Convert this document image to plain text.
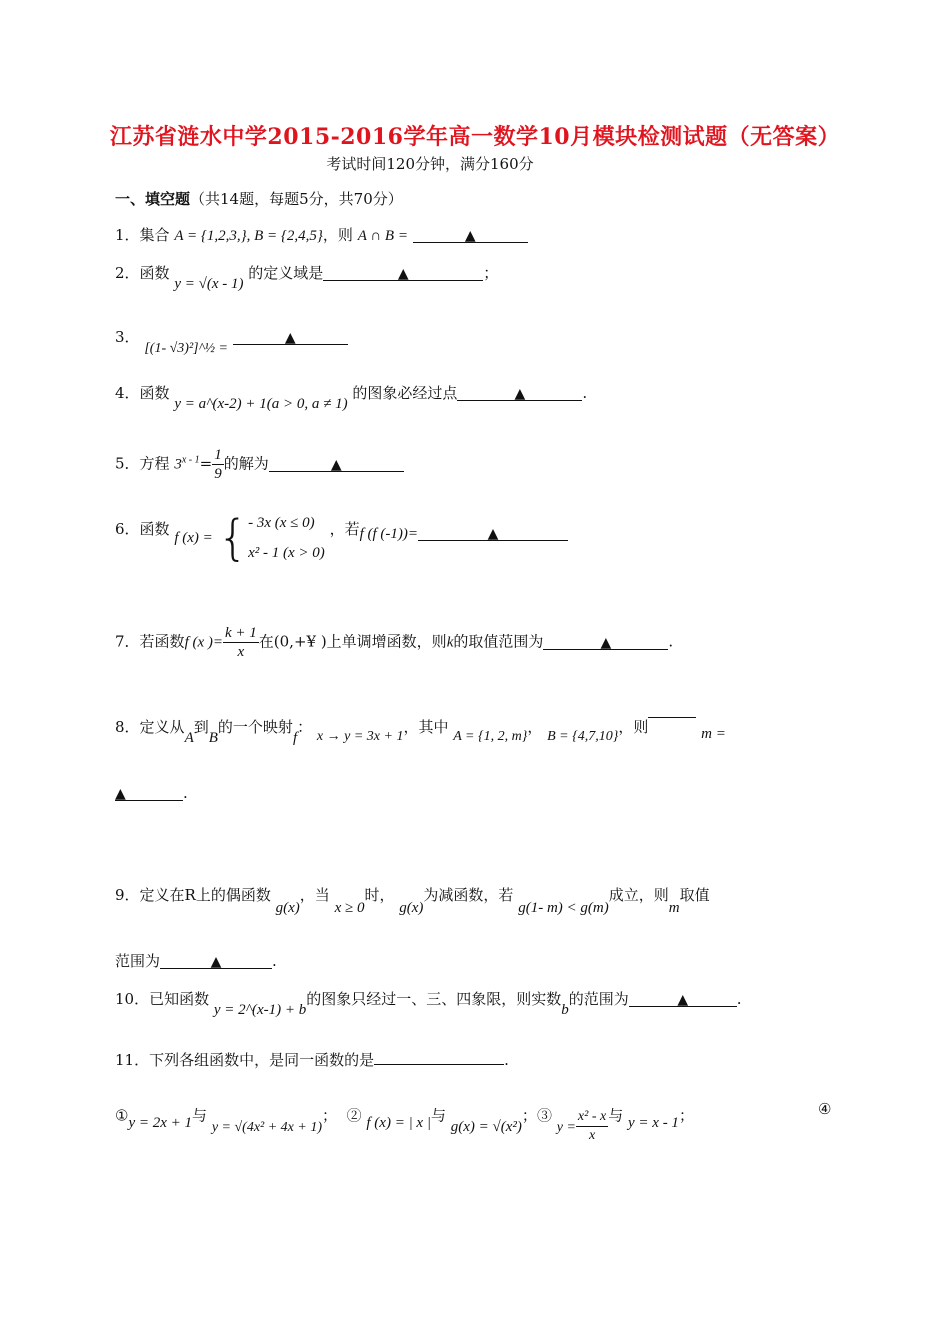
江苏省涟水中学2015-2016学年高一数学10月模块检测试题（无答案）
考试时间120分钟，满分160分
一、填空题（共14题，每题5分，共70分）
1．集合 A = {1,2,3,}, B = {2,4,5}，则 A ∩ B =	▲
2．函数 y = √(x - 1) 的定义域是	▲	；
3． [(1- √3)²]^½ = ▲
4．函数 y = a^(x-2) + 1(a > 0, a ≠ 1) 的图象必经过点	▲	.
5．方程 $3^{x - 1}= \frac{1}{9}$ 的解为	▲
6．函数 f (x) = { - 3x (x ≤ 0)
x² - 1 (x > 0)
，若f (f (-1))=	▲
7．若函数f (x )= $\frac{k + 1}{x}$ 在(0,+¥ )上单调增函数，则k的取值范围为	▲	.
8．定义从A到B的一个映射f： x → y = 3x + 1，其中 A = {1, 2, m}， B = {4,7,10}，则	m =
▲	.
9．定义在R上的偶函数 g(x)，当 x ≥ 0时， g(x)为减函数，若 g(1- m) < g(m)成立，则m取值
范围为	▲	.
10．已知函数 y = 2^(x-1) + b的图象只经过一、三、四象限，则实数b的范围为	▲	.
11．下列各组函数中，是同一函数的是	.
①y = 2x + 1与 y = √(4x² + 4x + 1)； ② f (x) = | x |与 g(x) = √(x²)；③ $y = \frac{\text{x² - x}}{x}$ 与 y = x - 1；	④
